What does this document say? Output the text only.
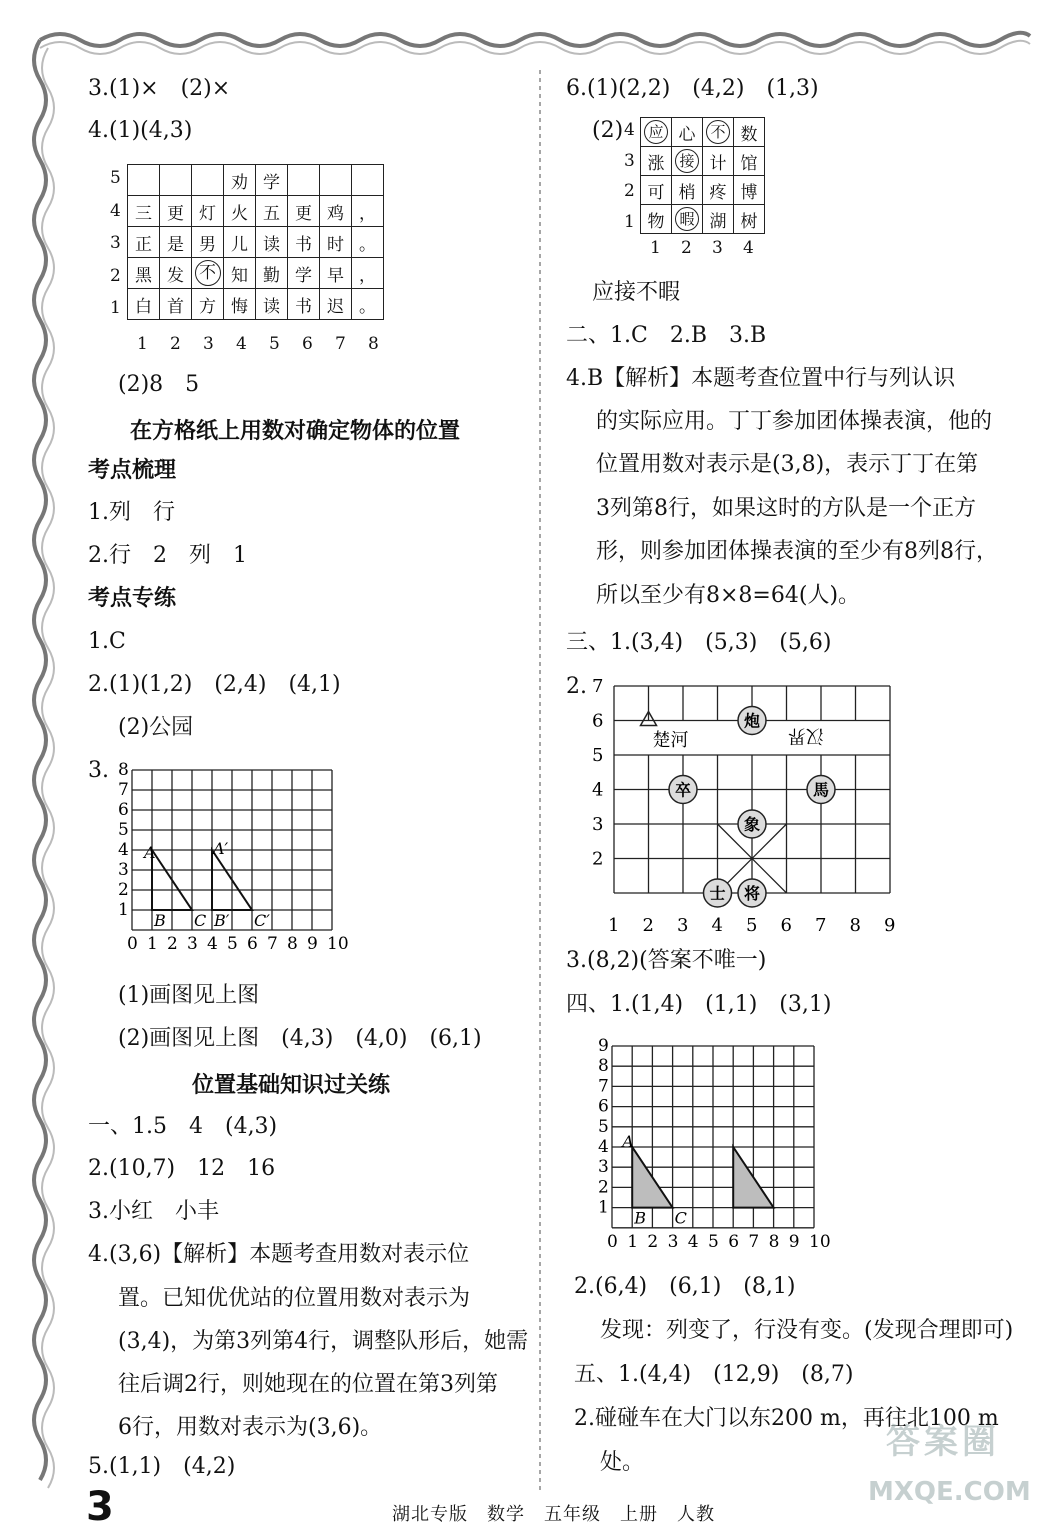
3.(1)×　(2)×
4.(1)(4,3)
5
4
3
2
1
1 2 3 4 5 6 7 8
			劝	学			
三	更	灯	火	五	更	鸡	，
正	是	男	儿	读	书	时	。
黑	发	不	知	勤	学	早	，
白	首	方	悔	读	书	迟	。
(2)8　5
在方格纸上用数对确定物体的位置
考点梳理
1.列　行
2.行　2　列　1
考点专练
1.C
2.(1)(1,2)　(2,4)　(4,1)
(2)公园
3. 8
7
6
5
4
3
2
1
0 1 2 3 4 5 6 7 8 9 10
A
B C
A′
B′ C′
(1)画图见上图
(2)画图见上图　(4,3)　(4,0)　(6,1)
位置基础知识过关练
一、1.5　4　(4,3)
2.(10,7)　12　16
3.小红　小丰
4.(3,6)【解析】本题考查用数对表示位
置。已知优优站的位置用数对表示为
(3,4)，为第3列第4行，调整队形后，她需
往后调2行，则她现在的位置在第3列第
6行，用数对表示为(3,6)。
5.(1,1)　(4,2)
6.(1)(2,2)　(4,2)　(1,3)
(2) 4
3
2
1
1 2 3 4
应	心	不	数
涨	接	计	馆
可	梢	疼	博
物	暇	湖	树
应接不暇
二、1.C　2.B　3.B
4.B【解析】本题考查位置中行与列认识
的实际应用。丁丁参加团体操表演，他的
位置用数对表示是(3,8)，表示丁丁在第
3列第8行，如果这时的方队是一个正方
形，则参加团体操表演的至少有8列8行，
所以至少有8×8=64(人)。
三、1.(3,4)　(5,3)　(5,6)
2. 7
6
5
4
3
2
1 2 3 4 5 6 7 8 9
楚河	汉界
炮
卒	馬
象
士 将
3.(8,2)(答案不唯一)
四、1.(1,4)　(1,1)　(3,1)
9
8
7
6
5
4
3
2
1
0 1 2 3 4 5 6 7 8 9 10
A
B C
2.(6,4)　(6,1)　(8,1)
发现：列变了，行没有变。(发现合理即可)
五、1.(4,4)　(12,9)　(8,7)
2.碰碰车在大门以东200 m，再往北100 m
处。
3	湖北专版　数学　五年级　上册　人教
答案圈
MXQE.COM
